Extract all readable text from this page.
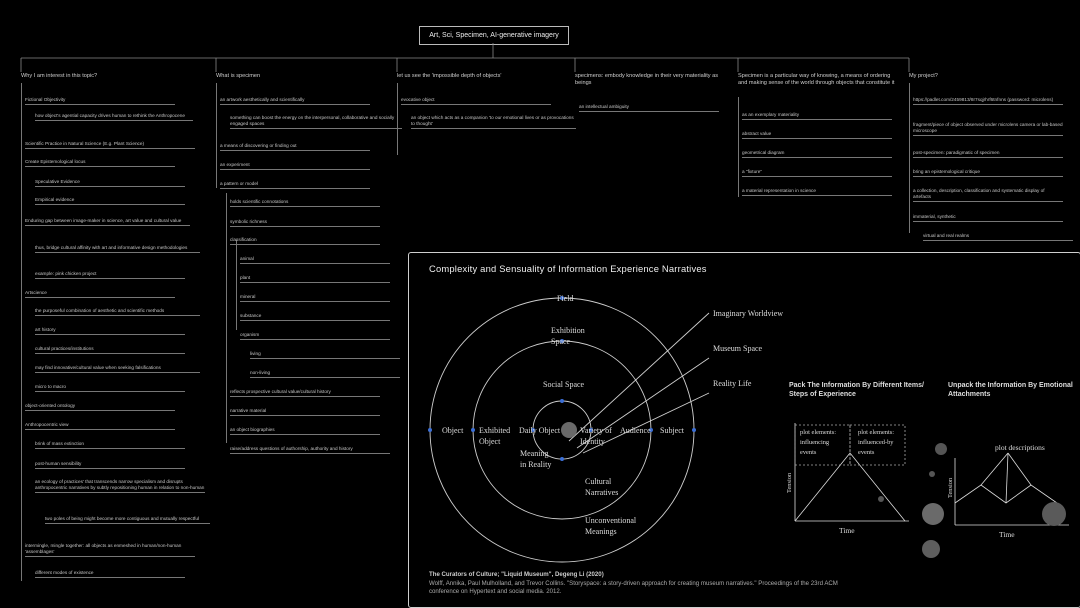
Art, Sci, Specimen, AI-generative imagery
Why I am interest in this topic?
Fictional Objectivity
how object's agential capacity drives human to rethink the Anthropocene
Scientific Practice in Natural Science (E.g. Plant Science)
Create Epistemological locus
Speculative Evidence
Empirical evidence
Enduring gap between image-maker in science, art value and cultural value
thus, bridge cultural affinity with art and informative design methodologies
example: pink chicken project
Artscience
the purposeful combination of aesthetic and scientific methods
art history
cultural practices/institutions
may find innovative/cultural value when seeking falsifications
micro to macro
object-oriented ontology
Anthropocentric view
brink of mass extinction
post-human sensibility
an ecology of practices' that transcends narrow specialism and disrupts anthropocentric narratives by subtly repositioning human in relation to non-human
two poles of being might become more contiguous and mutually respectful
intermingle, mingle together: all objects as enmeshed in human/non-human 'assemblages'
different modes of existence
What is specimen
an artwork aesthetically and scientifically
something can boost the energy on the interpersonal, collaborative and socially engaged spaces
a means of discovering or finding out
an experiment
a pattern or model
holds scientific connotations
symbolic richness
classification
animal
plant
mineral
substance
organism
living
non-living
reflects prospective cultural value/cultural history
narrative material
an object biographies
raise/address questions of authorship, authority and history
let us see the 'impossible depth of objects'
evocative object
an object which acts as a companion 'to our emotional lives or as provocations to thought'
specimens: embody knowledge in their very materiality as beings
an intellectual ambiguity
Specimen is a particular way of knowing, a means of ordering and making sense of the world through objects that constitute it
as an exemplary materiality
abstract value
geometrical diagram
a "fixture"
a material representation in science
My project?
https://padlet.com/2459813/8r7sqjrhrf6tnfnns (password: microlens)
fragment/piece of object observed under microlens camera or lab-based microscope
post-specimen: paradigmatic of specimen
bring an epistemological critique
a collection, description, classification and systematic display of artefacts
immaterial, synthetic
virtual and real realms
Complexity and Sensuality of Information Experience Narratives
Field
Exhibition
Space
Social Space
Object Exhibited
Object
Daily Object Variety of
Identity
Audience Subject
Meaning
in Reality
Cultural
Narratives
Unconventional
Meanings
Imaginary Worldview
Museum Space
Reality Life
plot elements:
influencing
events
plot elements:
influenced-by
events
Time
Tension
plot descriptions
Time
Tension
Pack The Information By Different Items/
Steps of Experience
Unpack the Information By Emotional
Attachments
The Curators of Culture; "Liquid Museum", Degeng Li (2020)
Wolff, Annika, Paul Mulholland, and Trevor Collins. "Storyspace: a story-driven approach for creating museum narratives." Proceedings of the 23rd ACM
conference on Hypertext and social media. 2012.
